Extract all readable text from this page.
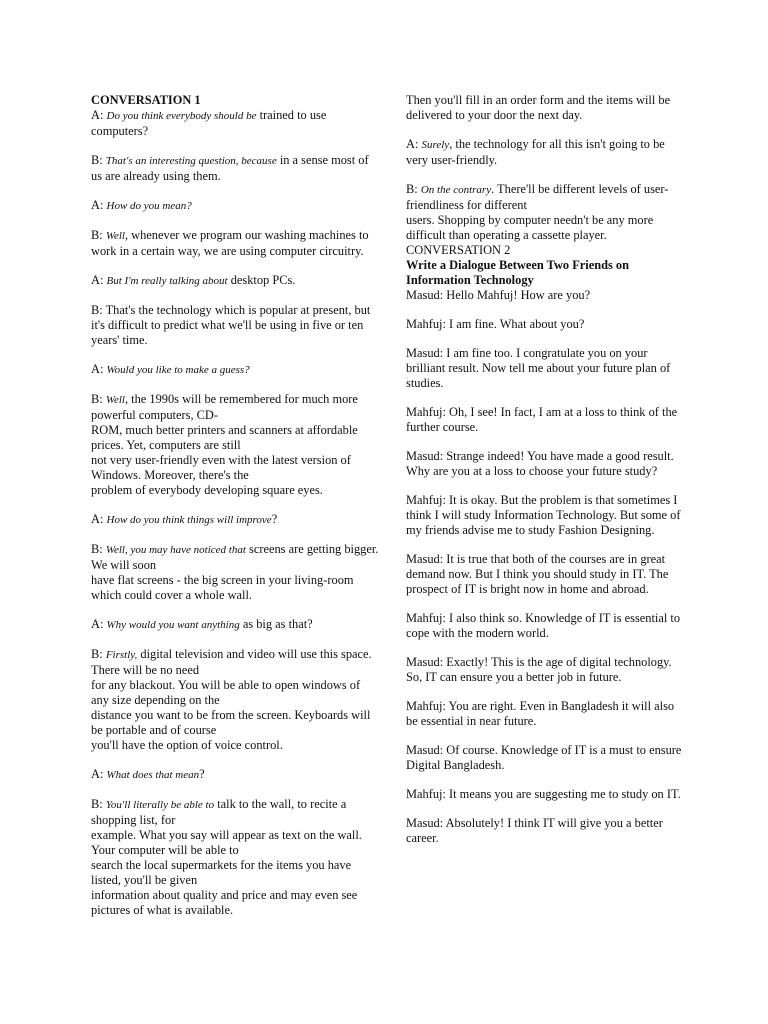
CONVERSATION 1
A: Do you think everybody should be trained to use computers?
B: That's an interesting question, because in a sense most of us are already using them.
A: How do you mean?
B: Well, whenever we program our washing machines to work in a certain way, we are using computer circuitry.
A: But I'm really talking about desktop PCs.
B: That's the technology which is popular at present, but it's difficult to predict what we'll be using in five or ten years' time.
A: Would you like to make a guess?
B: Well, the 1990s will be remembered for much more powerful computers, CD-
ROM, much better printers and scanners at affordable prices. Yet, computers are still
not very user-friendly even with the latest version of Windows. Moreover, there's the
problem of everybody developing square eyes.
A: How do you think things will improve?
B: Well, you may have noticed that screens are getting bigger. We will soon
have flat screens - the big screen in your living-room which could cover a whole wall.
A: Why would you want anything as big as that?
B: Firstly, digital television and video will use this space. There will be no need
for any blackout. You will be able to open windows of any size depending on the
distance you want to be from the screen. Keyboards will be portable and of course
you'll have the option of voice control.
A: What does that mean?
B: You'll literally be able to talk to the wall, to recite a shopping list, for
example. What you say will appear as text on the wall. Your computer will be able to
search the local supermarkets for the items you have listed, you'll be given
information about quality and price and may even see pictures of what is available.
Then you'll fill in an order form and the items will be delivered to your door the next day.
A: Surely, the technology for all this isn't going to be very user-friendly.
B: On the contrary. There'll be different levels of user-friendliness for different
users. Shopping by computer needn't be any more difficult than operating a cassette player.
CONVERSATION 2
Write a Dialogue Between Two Friends on Information Technology
Masud: Hello Mahfuj! How are you?
Mahfuj: I am fine. What about you?
Masud: I am fine too. I congratulate you on your brilliant result. Now tell me about your future plan of studies.
Mahfuj: Oh, I see! In fact, I am at a loss to think of the further course.
Masud: Strange indeed! You have made a good result. Why are you at a loss to choose your future study?
Mahfuj: It is okay. But the problem is that sometimes I think I will study Information Technology. But some of my friends advise me to study Fashion Designing.
Masud: It is true that both of the courses are in great demand now. But I think you should study in IT. The prospect of IT is bright now in home and abroad.
Mahfuj: I also think so. Knowledge of IT is essential to cope with the modern world.
Masud: Exactly! This is the age of digital technology. So, IT can ensure you a better job in future.
Mahfuj: You are right. Even in Bangladesh it will also be essential in near future.
Masud: Of course. Knowledge of IT is a must to ensure Digital Bangladesh.
Mahfuj: It means you are suggesting me to study on IT.
Masud: Absolutely! I think IT will give you a better career.
